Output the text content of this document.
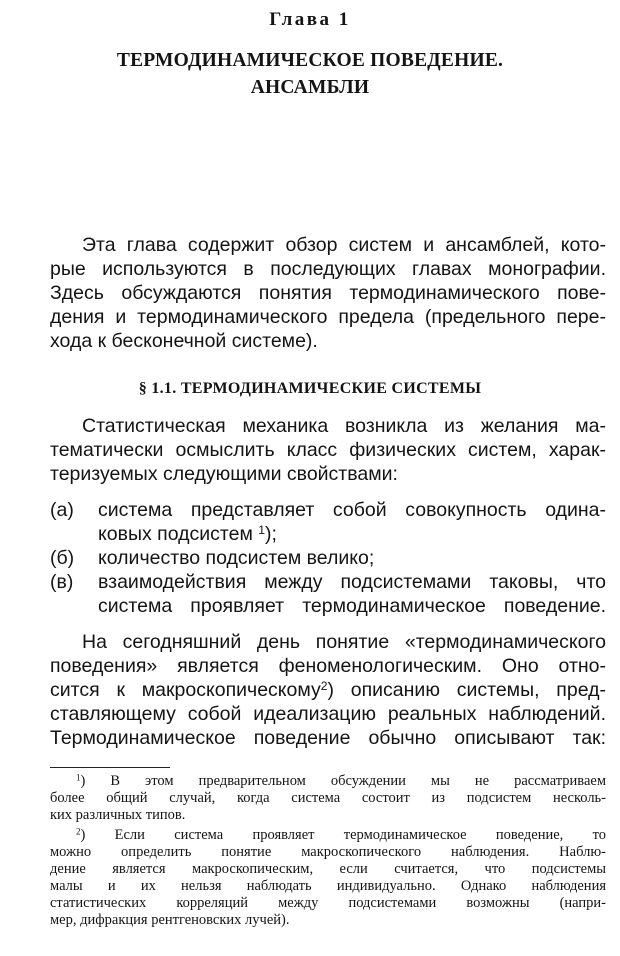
Глава 1
ТЕРМОДИНАМИЧЕСКОЕ ПОВЕДЕНИЕ.
АНСАМБЛИ
Эта глава содержит обзор систем и ансамблей, кото-
рые используются в последующих главах монографии.
Здесь обсуждаются понятия термодинамического пове-
дения и термодинамического предела (предельного пере-
хода к бесконечной системе).
§ 1.1. ТЕРМОДИНАМИЧЕСКИЕ СИСТЕМЫ
Статистическая механика возникла из желания ма-
тематически осмыслить класс физических систем, харак-
теризуемых следующими свойствами:
(а) система представляет собой совокупность одина-
ковых подсистем $^1$);
(б) количество подсистем велико;
(в) взаимодействия между подсистемами таковы, что
система проявляет термодинамическое поведение.
На сегодняшний день понятие «термодинамического
поведения» является феноменологическим. Оно отно-
сится к макроскопическому$^2$) описанию системы, пред-
ставляющему собой идеализацию реальных наблюдений.
Термодинамическое поведение обычно описывают так:
$^1$) В этом предварительном обсуждении мы не рассматриваем
более общий случай, когда система состоит из подсистем несколь-
ких различных типов.
$^2$) Если система проявляет термодинамическое поведение, то
можно определить понятие макроскопического наблюдения. Наблю-
дение является макроскопическим, если считается, что подсистемы
малы и их нельзя наблюдать индивидуально. Однако наблюдения
статистических корреляций между подсистемами возможны (напри-
мер, дифракция рентгеновских лучей).
